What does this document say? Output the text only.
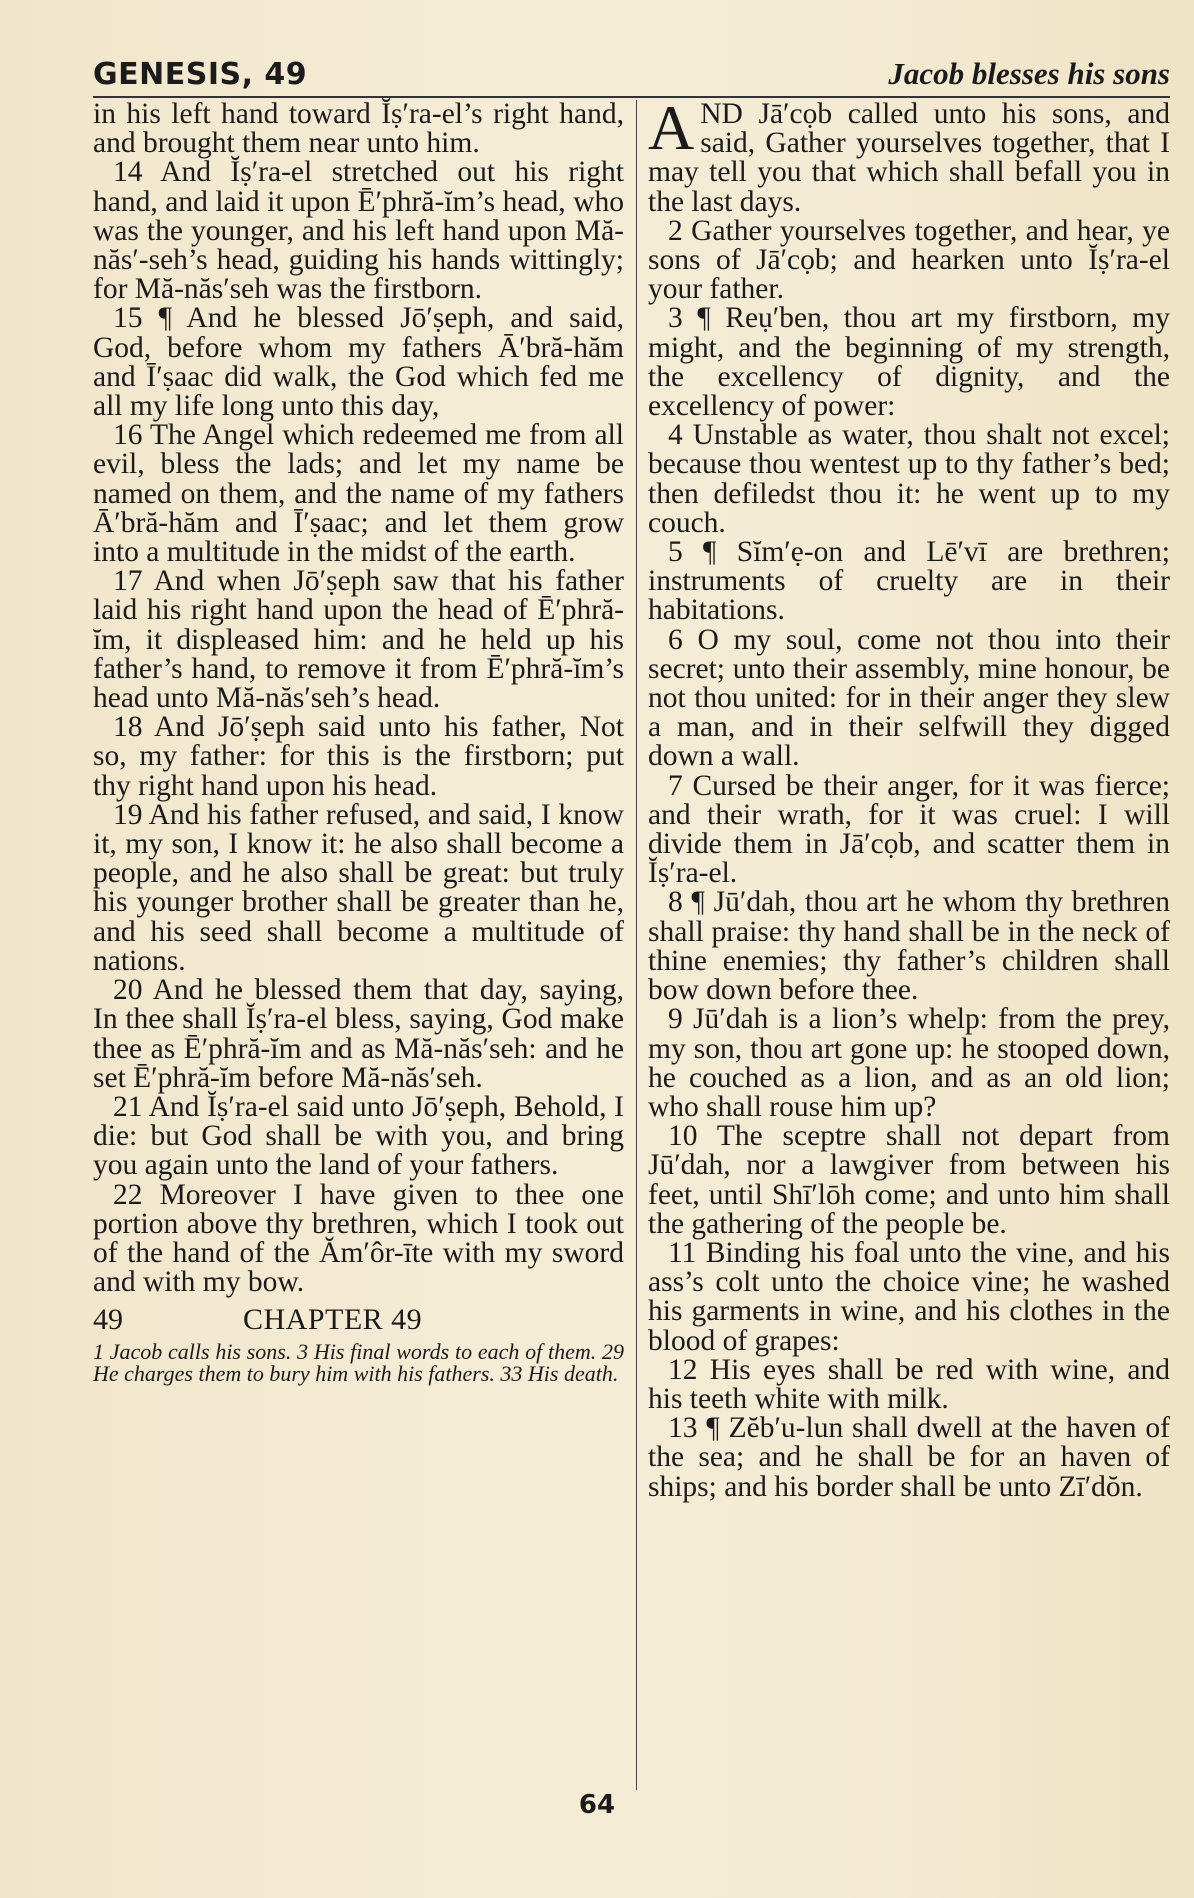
GENESIS, 49	Jacob blesses his sons

in his left hand toward Ĭṣ′ra-el’s right hand, and brought them near unto him.

14 And Ĭṣ′ra-el stretched out his right hand, and laid it upon Ē′phră-ĭm’s head, who was the younger, and his left hand upon Mă-năs′-seh’s head, guiding his hands wittingly; for Mă-năs′seh was the firstborn.

15 ¶ And he blessed Jō′ṣeph, and said, God, before whom my fathers Ā′bră-hăm and Ī′ṣaac did walk, the God which fed me all my life long unto this day,

16 The Angel which redeemed me from all evil, bless the lads; and let my name be named on them, and the name of my fathers Ā′bră-hăm and Ī′ṣaac; and let them grow into a multitude in the midst of the earth.

17 And when Jō′ṣeph saw that his father laid his right hand upon the head of Ē′phră-ĭm, it displeased him: and he held up his father’s hand, to remove it from Ē′phră-ĭm’s head unto Mă-năs′seh’s head.

18 And Jō′ṣeph said unto his father, Not so, my father: for this is the firstborn; put thy right hand upon his head.

19 And his father refused, and said, I know it, my son, I know it: he also shall become a people, and he also shall be great: but truly his younger brother shall be greater than he, and his seed shall become a multitude of nations.

20 And he blessed them that day, saying, In thee shall Ĭṣ′ra-el bless, saying, God make thee as Ē′phră-ĭm and as Mă-năs′seh: and he set Ē′phră-ĭm before Mă-năs′seh.

21 And Ĭṣ′ra-el said unto Jō′ṣeph, Behold, I die: but God shall be with you, and bring you again unto the land of your fathers.

22 Moreover I have given to thee one portion above thy brethren, which I took out of the hand of the Ăm′ôr-īte with my sword and with my bow.

49	CHAPTER 49

1 Jacob calls his sons. 3 His final words to each of them. 29 He charges them to bury him with his fathers. 33 His death.

AND Jā′cọb called unto his sons, and said, Gather yourselves together, that I may tell you that which shall befall you in the last days.

2 Gather yourselves together, and hear, ye sons of Jā′cọb; and hearken unto Ĭṣ′ra-el your father.

3 ¶ Reụ′ben, thou art my firstborn, my might, and the beginning of my strength, the excellency of dignity, and the excellency of power:

4 Unstable as water, thou shalt not excel; because thou wentest up to thy father’s bed; then defiledst thou it: he went up to my couch.

5 ¶ Sĭm′ẹ-on and Lē′vī are brethren; instruments of cruelty are in their habitations.

6 O my soul, come not thou into their secret; unto their assembly, mine honour, be not thou united: for in their anger they slew a man, and in their selfwill they digged down a wall.

7 Cursed be their anger, for it was fierce; and their wrath, for it was cruel: I will divide them in Jā′cọb, and scatter them in Ĭṣ′ra-el.

8 ¶ Jū′dah, thou art he whom thy brethren shall praise: thy hand shall be in the neck of thine enemies; thy father’s children shall bow down before thee.

9 Jū′dah is a lion’s whelp: from the prey, my son, thou art gone up: he stooped down, he couched as a lion, and as an old lion; who shall rouse him up?

10 The sceptre shall not depart from Jū′dah, nor a lawgiver from between his feet, until Shī′lōh come; and unto him shall the gathering of the people be.

11 Binding his foal unto the vine, and his ass’s colt unto the choice vine; he washed his garments in wine, and his clothes in the blood of grapes:

12 His eyes shall be red with wine, and his teeth white with milk.

13 ¶ Zĕb′u-lun shall dwell at the haven of the sea; and he shall be for an haven of ships; and his border shall be unto Zī′dŏn.

64
